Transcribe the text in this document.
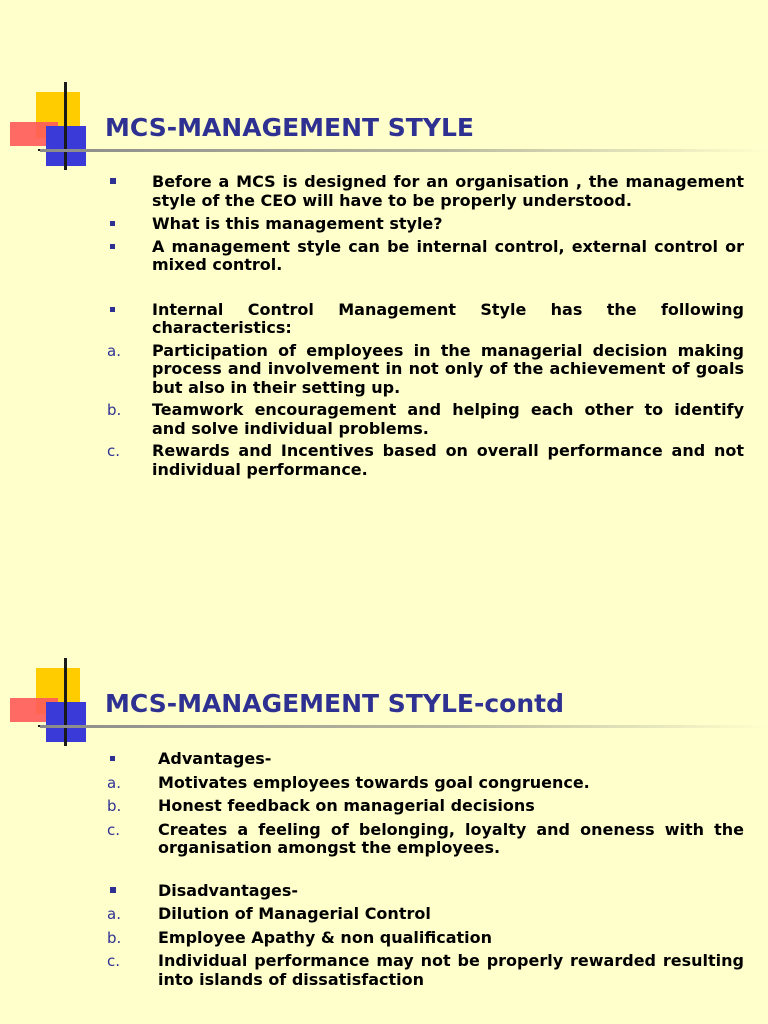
MCS-MANAGEMENT STYLE
Before a MCS is designed for an organisation , the management style of the CEO will have to be properly understood.
What is this management style?
A management style can be internal control, external control or mixed control.
Internal Control Management Style has the following characteristics:
a. Participation of employees in the managerial decision making process and involvement in not only of the achievement of goals but also in their setting up.
b. Teamwork encouragement and helping each other to identify and solve individual problems.
c. Rewards and Incentives based on overall performance and not individual performance.
MCS-MANAGEMENT STYLE-contd
Advantages-
a. Motivates employees towards goal congruence.
b. Honest feedback on managerial decisions
c. Creates a feeling of belonging, loyalty and oneness with the organisation amongst the employees.
Disadvantages-
a. Dilution of Managerial Control
b. Employee Apathy & non qualification
c. Individual performance may not be properly rewarded resulting into islands of dissatisfaction
